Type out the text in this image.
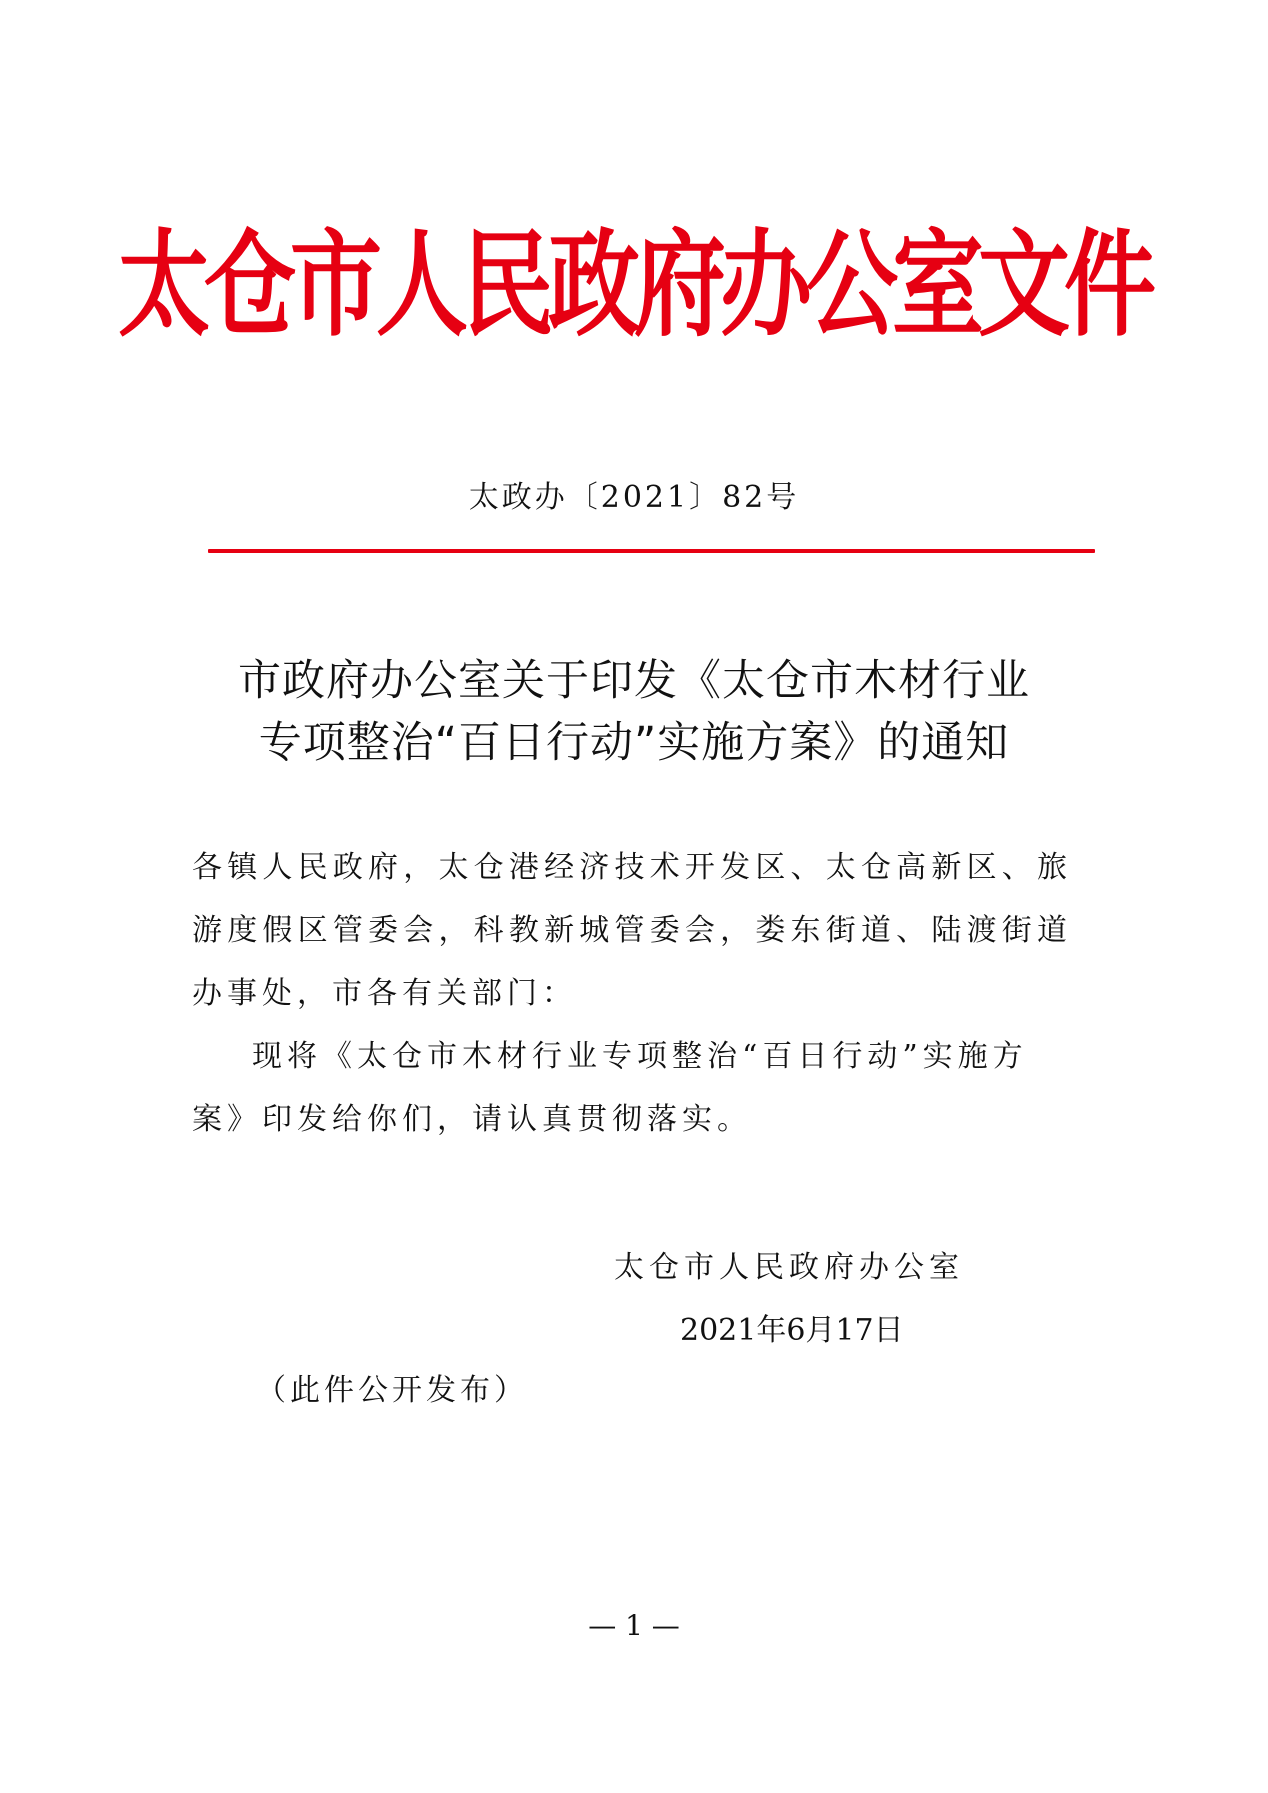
太仓市人民政府办公室文件
太政办〔2021〕82号
市政府办公室关于印发《太仓市木材行业
专项整治“百日行动”实施方案》的通知

各镇人民政府，太仓港经济技术开发区、太仓高新区、旅游度假区管委会，科教新城管委会，娄东街道、陆渡街道办事处，市各有关部门：

现将《太仓市木材行业专项整治“百日行动”实施方案》印发给你们，请认真贯彻落实。

太仓市人民政府办公室
2021年6月17日
（此件公开发布）
— 1 —
